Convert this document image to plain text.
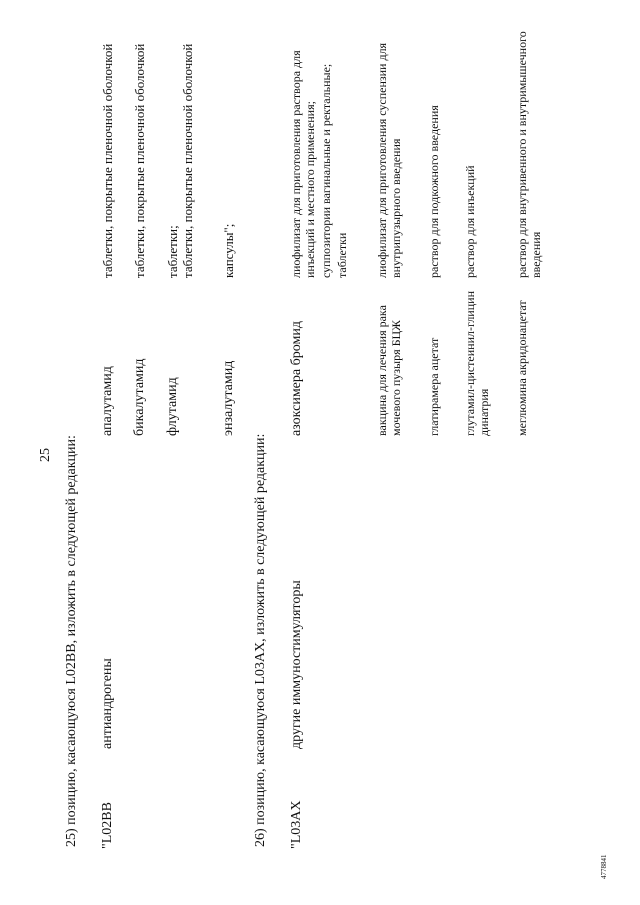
25 25) позицию, касающуюся L02BB, изложить в следующей редакции: "L02BB
антиандрогены
апалутамид
таблетки, покрытые пленочной оболочкой
бикалутамид
таблетки, покрытые пленочной оболочкой
флутамид
таблетки; таблетки, покрытые пленочной оболочкой
энзалутамид
капсулы";
26) позицию, касающуюся L03AX, изложить в следующей редакции: "L03AX
другие иммуностимуляторы
азоксимера бромид
лиофилизат для приготовления раствора для инъекций и местного применения; суппозитории вагинальные и ректальные; таблетки
вакцина для лечения рака мочевого пузыря БЦЖ
лиофилизат для приготовления суспензии для внутрипузырного введения
глатирамера ацетат
раствор для подкожного введения
глутамил-цистеинил-глицин динатрия
раствор для инъекций
меглюмина акридонацетат
раствор для внутривенного и внутримышечного введения
4778841
